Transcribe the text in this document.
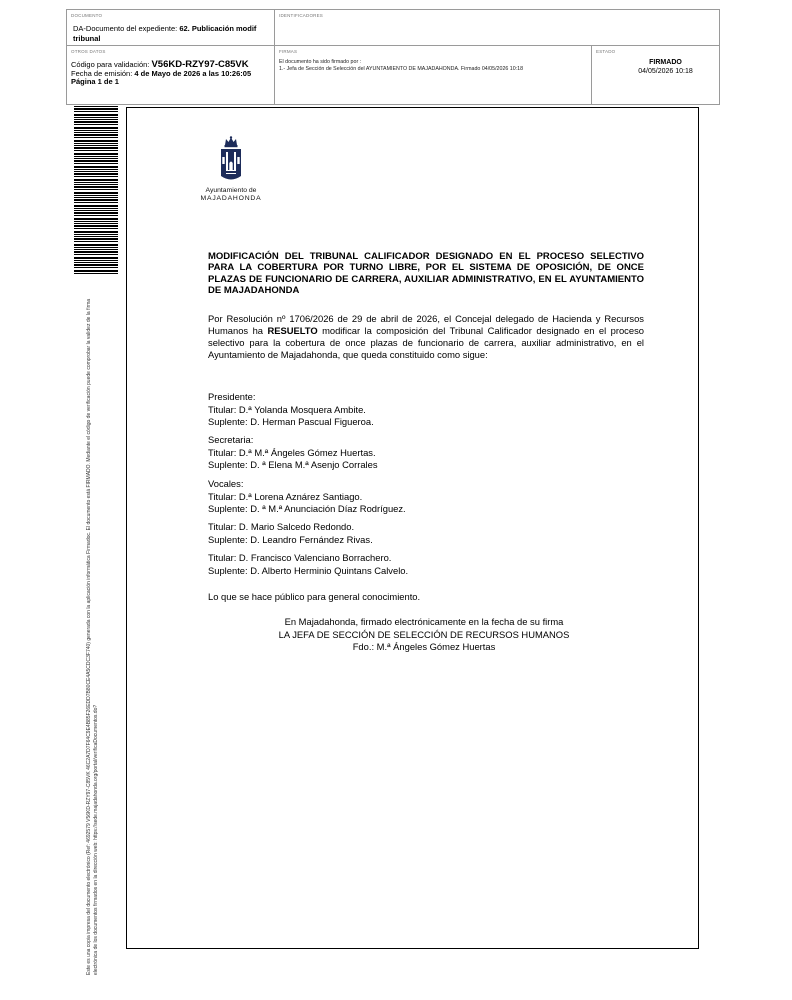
DOCUMENTO
DA-Documento del expediente: 62. Publicación modif tribunal
IDENTIFICADORES
OTROS DATOS
Código para validación: V56KD-RZY97-C85VK
Fecha de emisión: 4 de Mayo de 2026 a las 10:26:05
Página 1 de 1
FIRMAS
El documento ha sido firmado por :
1.- Jefa de Sección de Selección del AYUNTAMIENTO DE MAJADAHONDA. Firmado 04/05/2026 10:18
ESTADO
FIRMADO
04/05/2026 10:18
Este es una copia impresa del documento electrónico (Ref: 4692579 V56KD-RZY97-C85VK 46C2A7D7F64C9E4B85F26EDD7B80CE4A5CDC3F740) generada con la aplicación informática Firmadoc. El documento está FIRMADO. Mediante el código de verificación puede comprobar la validez de la firma electrónica de los documentos firmados en la dirección web: https://sede.majadahonda.org/portal/verificaDocumentos.do?
Ayuntamiento de
MAJADAHONDA
MODIFICACIÓN DEL TRIBUNAL CALIFICADOR DESIGNADO EN EL PROCESO SELECTIVO PARA LA COBERTURA POR TURNO LIBRE, POR EL SISTEMA DE OPOSICIÓN, DE ONCE PLAZAS DE FUNCIONARIO DE CARRERA, AUXILIAR ADMINISTRATIVO, EN EL AYUNTAMIENTO DE MAJADAHONDA
Por Resolución nº 1706/2026 de 29 de abril de 2026, el Concejal delegado de Hacienda y Recursos Humanos ha RESUELTO modificar la composición del Tribunal Calificador designado en el proceso selectivo para la cobertura de once plazas de funcionario de carrera, auxiliar administrativo, en el Ayuntamiento de Majadahonda, que queda constituido como sigue:
Presidente:
Titular: D.ª Yolanda Mosquera Ambite.
Suplente: D. Herman Pascual Figueroa.
Secretaria:
Titular: D.ª M.ª Ángeles Gómez Huertas.
Suplente: D. ª Elena M.ª Asenjo Corrales
Vocales:
Titular: D.ª Lorena Aznárez Santiago.
Suplente: D. ª M.ª Anunciación Díaz Rodríguez.
Titular: D. Mario Salcedo Redondo.
Suplente: D. Leandro Fernández Rivas.
Titular: D. Francisco Valenciano Borrachero.
Suplente: D. Alberto Herminio Quintans Calvelo.
Lo que se hace público para general conocimiento.
En Majadahonda, firmado electrónicamente en la fecha de su firma
LA JEFA DE SECCIÓN DE SELECCIÓN DE RECURSOS HUMANOS
Fdo.: M.ª Ángeles Gómez Huertas
